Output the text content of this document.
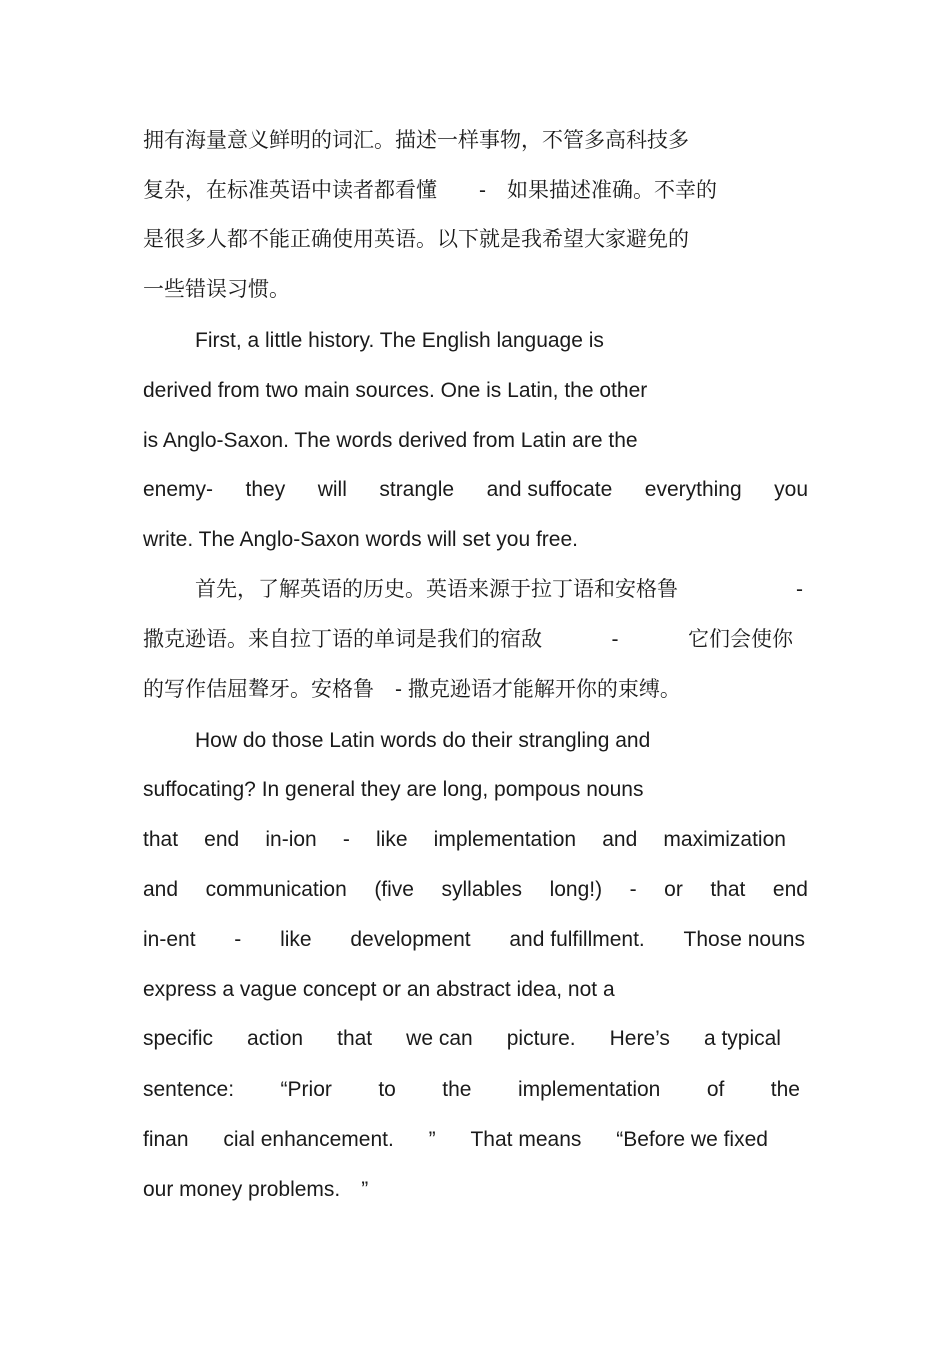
拥有海量意义鲜明的词汇。描述一样事物，不管多高科技多
复杂，在标准英语中读者都看懂　　-　如果描述准确。不幸的
是很多人都不能正确使用英语。以下就是我希望大家避免的
一些错误习惯。
First, a little history. The English language is
derived from two main sources. One is Latin, the other
is Anglo-Saxon. The words derived from Latin are the
enemy- they will strangle and suffocate everything you
write. The Anglo-Saxon words will set you free.
首先，了解英语的历史。英语来源于拉丁语和安格鲁	-
撒克逊语。来自拉丁语的单词是我们的宿敌	-	它们会使你
的写作佶屈聱牙。安格鲁　- 撒克逊语才能解开你的束缚。
How do those Latin words do their strangling and
suffocating? In general they are long, pompous nouns
that end in-ion - like implementation and maximization
and communication (five syllables long!) - or that end
in-ent - like development and fulfillment. Those nouns
express a vague concept or an abstract idea, not a
specific action that we can picture. Here’s a typical
sentence: “Prior to the implementation of the
finan cial enhancement. ” That means “Before we fixed
our money problems.　”
